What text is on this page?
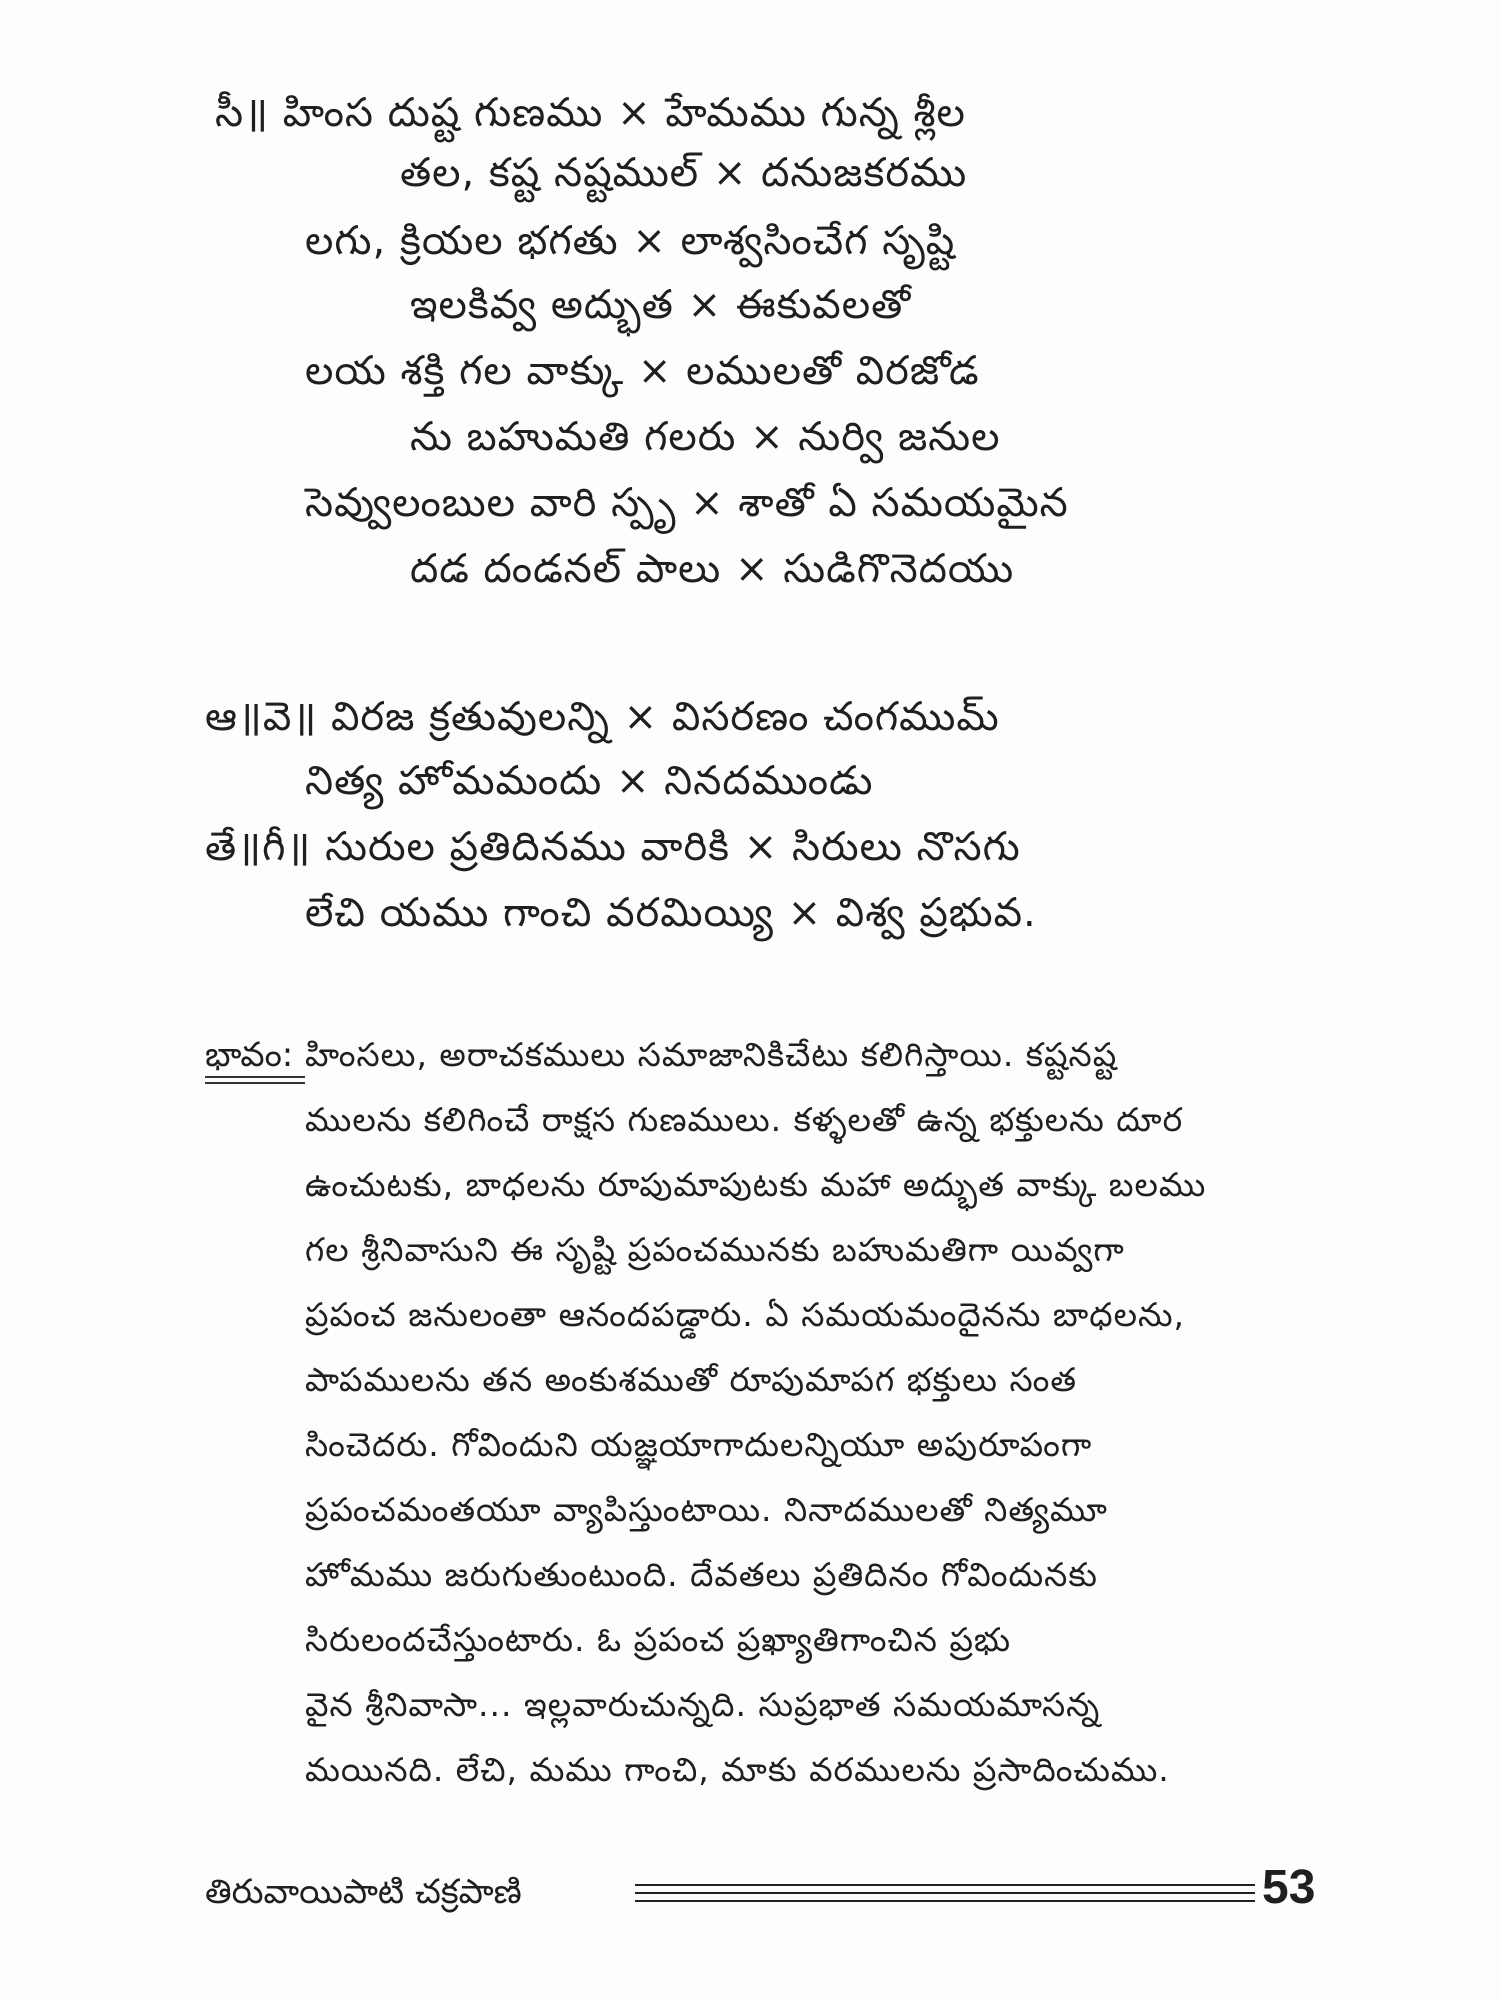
సీ॥ హింస దుష్ట గుణము × హేమము గున్న శ్లీల
తల, కష్ట నష్టముల్ × దనుజకరము
లగు, క్రియల భగతు × లాశ్వసించేగ సృష్టి
ఇలకివ్వ అద్భుత × ఈకువలతో
లయ శక్తి గల వాక్కు × లములతో విరజోడ
ను బహుమతి గలరు × నుర్వి జనుల
సెవ్వులంబుల వారి స్పృ × శాతో ఏ సమయమైన
దడ దండనల్ పాలు × సుడిగొనెదయు
ఆ॥వె॥ విరజ క్రతువులన్ని × విసరణం చంగముమ్
నిత్య హోమమందు × నినదముండు
తే॥గీ॥ సురుల ప్రతిదినము వారికి × సిరులు నొసగు
లేచి యము గాంచి వరమియ్యి × విశ్వ ప్రభువ.
భావం: హింసలు, అరాచకములు సమాజానికిచేటు కలిగిస్తాయి. కష్టనష్ట
ములను కలిగించే రాక్షస గుణములు. కళ్ళలతో ఉన్న భక్తులను దూర
ఉంచుటకు, బాధలను రూపుమాపుటకు మహా అద్భుత వాక్కు బలము
గల శ్రీనివాసుని ఈ సృష్టి ప్రపంచమునకు బహుమతిగా యివ్వగా
ప్రపంచ జనులంతా ఆనందపడ్డారు. ఏ సమయమందైనను బాధలను,
పాపములను తన అంకుశముతో రూపుమాపగ భక్తులు సంత
సించెదరు. గోవిందుని యజ్ఞయాగాదులన్నియూ అపురూపంగా
ప్రపంచమంతయూ వ్యాపిస్తుంటాయి. నినాదములతో నిత్యమూ
హోమము జరుగుతుంటుంది. దేవతలు ప్రతిదినం గోవిందునకు
సిరులందచేస్తుంటారు. ఓ ప్రపంచ ప్రఖ్యాతిగాంచిన ప్రభు
వైన శ్రీనివాసా... ఇల్లవారుచున్నది. సుప్రభాత సమయమాసన్న
మయినది. లేచి, మము గాంచి, మాకు వరములను ప్రసాదించుము.
తిరువాయిపాటి చక్రపాణి	53
